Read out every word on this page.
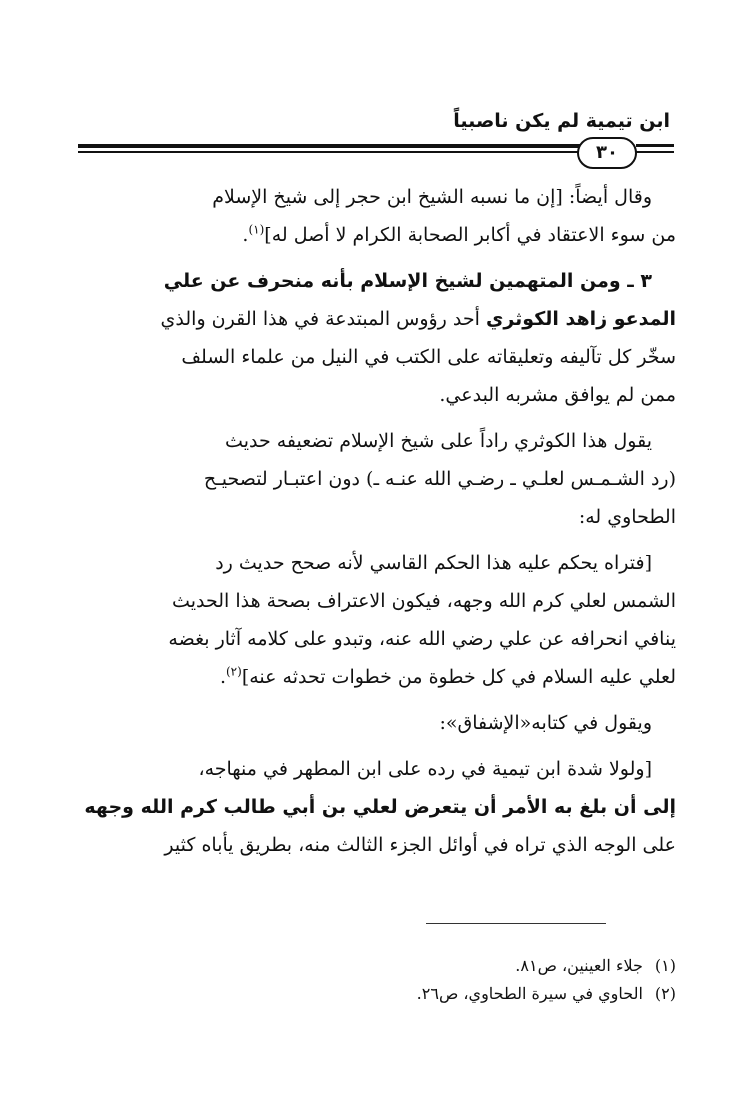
ابن تيمية لم يكن ناصبياً
٣٠

وقال أيضاً: [إن ما نسبه الشيخ ابن حجر إلى شيخ الإسلام
من سوء الاعتقاد في أكابر الصحابة الكرام لا أصل له]$^{(١)}$.

٣ ـ ومن المتهمين لشيخ الإسلام بأنه منحرف عن علي
المدعو زاهد الكوثري أحد رؤوس المبتدعة في هذا القرن والذي
سخّر كل تآليفه وتعليقاته على الكتب في النيل من علماء السلف
ممن لم يوافق مشربه البدعي.

يقول هذا الكوثري راداً على شيخ الإسلام تضعيفه حديث
(رد الشـمـس لعلـي ـ رضـي الله عنـه ـ) دون اعتبـار لتصحيـح
الطحاوي له:

[فتراه يحكم عليه هذا الحكم القاسي لأنه صحح حديث رد
الشمس لعلي كرم الله وجهه، فيكون الاعتراف بصحة هذا الحديث
ينافي انحرافه عن علي رضي الله عنه، وتبدو على كلامه آثار بغضه
لعلي عليه السلام في كل خطوة من خطوات تحدثه عنه]$^{(٢)}$.

ويقول في كتابه«الإشفاق»:

[ولولا شدة ابن تيمية في رده على ابن المطهر في منهاجه،
إلى أن بلغ به الأمر أن يتعرض لعلي بن أبي طالب كرم الله وجهه
على الوجه الذي تراه في أوائل الجزء الثالث منه، بطريق يأباه كثير

(١)جلاء العينين، ص٨١.
(٢)الحاوي في سيرة الطحاوي، ص٢٦.
